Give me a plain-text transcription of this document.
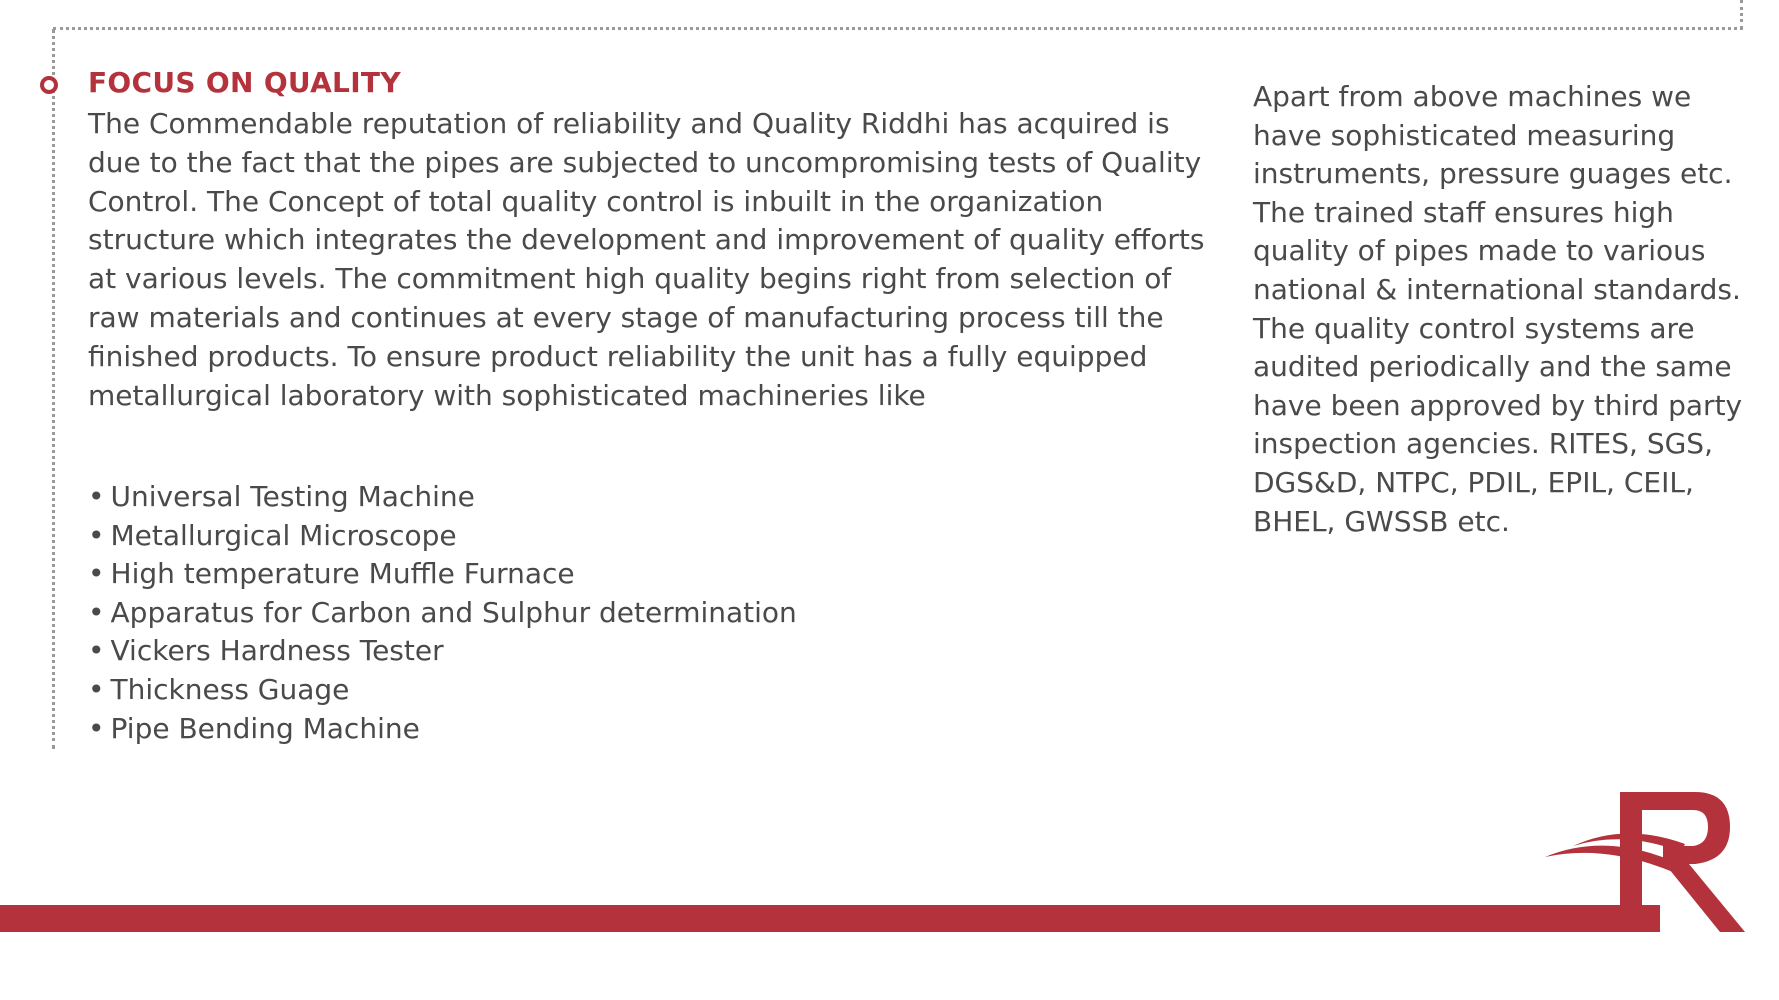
FOCUS ON QUALITY

The Commendable reputation of reliability and Quality Riddhi has acquired is due to the fact that the pipes are subjected to uncompromising tests of Quality Control. The Concept of total quality control is inbuilt in the organization structure which integrates the development and improvement of quality efforts at various levels. The commitment high quality begins right from selection of raw materials and continues at every stage of manufacturing process till the finished products. To ensure product reliability the unit has a fully equipped metallurgical laboratory with sophisticated machineries like

• Universal Testing Machine
• Metallurgical Microscope
• High temperature Muffle Furnace
• Apparatus for Carbon and Sulphur determination
• Vickers Hardness Tester
• Thickness Guage
• Pipe Bending Machine

Apart from above machines we have sophisticated measuring instruments, pressure guages etc. The trained staff ensures high quality of pipes made to various national & international standards. The quality control systems are audited periodically and the same have been approved by third party inspection agencies. RITES, SGS, DGS&D, NTPC, PDIL, EPIL, CEIL, BHEL, GWSSB etc.
